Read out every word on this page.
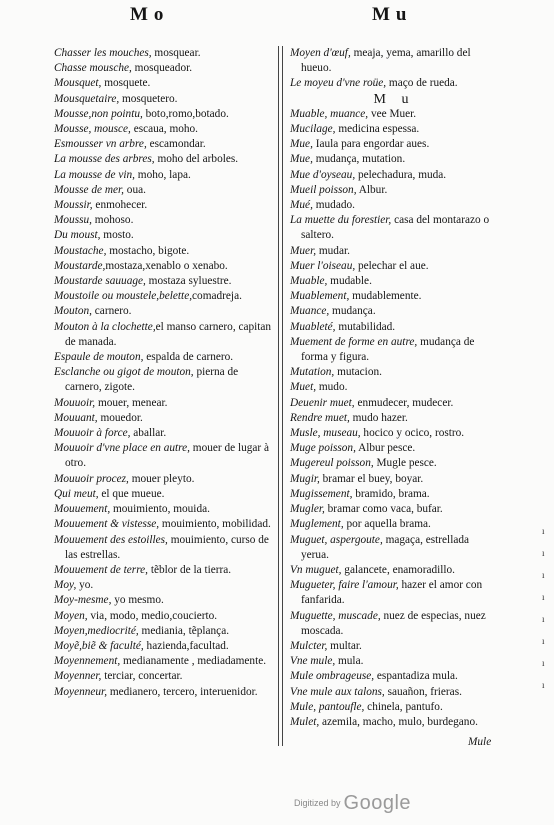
Mo	Mu

Chasser les mouches, mosquear.

Chasse mousche, mosqueador.

Mousquet, mosquete.

Mousquetaire, mosquetero.

Mousse,non pointu, boto,romo,botado.

Mousse, mousce, escaua, moho.

Esmousser vn arbre, escamondar.

La mousse des arbres, moho del arboles.

La mousse de vin, moho, lapa.

Mousse de mer, oua.

Moussir, enmohecer.

Moussu, mohoso.

Du moust, mosto.

Moustache, mostacho, bigote.

Moustarde,mostaza,xenablo o xenabo.

Moustarde sauuage, mostaza syluestre.

Moustoile ou moustele,belette,comadreja.

Mouton, carnero.

Mouton à la clochette,el manso carnero, capitan de manada.

Espaule de mouton, espalda de carnero.

Esclanche ou gigot de mouton, pierna de carnero, zigote.

Mouuoir, mouer, menear.

Mouuant, mouedor.

Mouuoir à force, aballar.

Mouuoir d'vne place en autre, mouer de lugar à otro.

Mouuoir procez, mouer pleyto.

Qui meut, el que mueue.

Mouuement, mouimiento, mouida.

Mouuement & vistesse, mouimiento, mobilidad.

Mouuement des estoilles, mouimiento, curso de las estrellas.

Mouuement de terre, tẽblor de la tierra.

Moy, yo.

Moy-mesme, yo mesmo.

Moyen, via, modo, medio,coucierto.

Moyen,mediocrité, mediania, tẽplança.

Moyẽ,biẽ & faculté, hazienda,facultad.

Moyennement, medianamente , mediadamente.

Moyenner, terciar, concertar.

Moyenneur, medianero, tercero, interuenidor.

Moyen d'œuf, meaja, yema, amarillo del hueuo.

Le moyeu d'vne roüe, maço de rueda.

M u

Muable, muance, vee Muer.

Mucilage, medicina espessa.

Mue, Iaula para engordar aues.

Mue, mudança, mutation.

Mue d'oyseau, pelechadura, muda.

Mueil poisson, Albur.

Mué, mudado.

La muette du forestier, casa del montarazo o saltero.

Muer, mudar.

Muer l'oiseau, pelechar el aue.

Muable, mudable.

Muablement, mudablemente.

Muance, mudança.

Muableté, mutabilidad.

Muement de forme en autre, mudança de forma y figura.

Mutation, mutacion.

Muet, mudo.

Deuenir muet, enmudecer, mudecer.

Rendre muet, mudo hazer.

Musle, museau, hocico y ocico, rostro.

Muge poisson, Albur pesce.

Mugereul poisson, Mugle pesce.

Mugir, bramar el buey, boyar.

Mugissement, bramido, brama.

Mugler, bramar como vaca, bufar.

Muglement, por aquella brama.

Muguet, aspergoute, magaça, estrellada yerua.

Vn muguet, galancete, enamoradillo.

Mugueter, faire l'amour, hazer el amor con fanfarida.

Muguette, muscade, nuez de especias, nuez moscada.

Mulcter, multar.

Vne mule, mula.

Mule ombrageuse, espantadiza mula.

Vne mule aux talons, sauañon, frieras.

Mule, pantoufle, chinela, pantufo.

Mulet, azemila, macho, mulo, burdegano.

Mule
ı
ı
ı
ı
ı
ı
ı
ı
Digitized by Google
